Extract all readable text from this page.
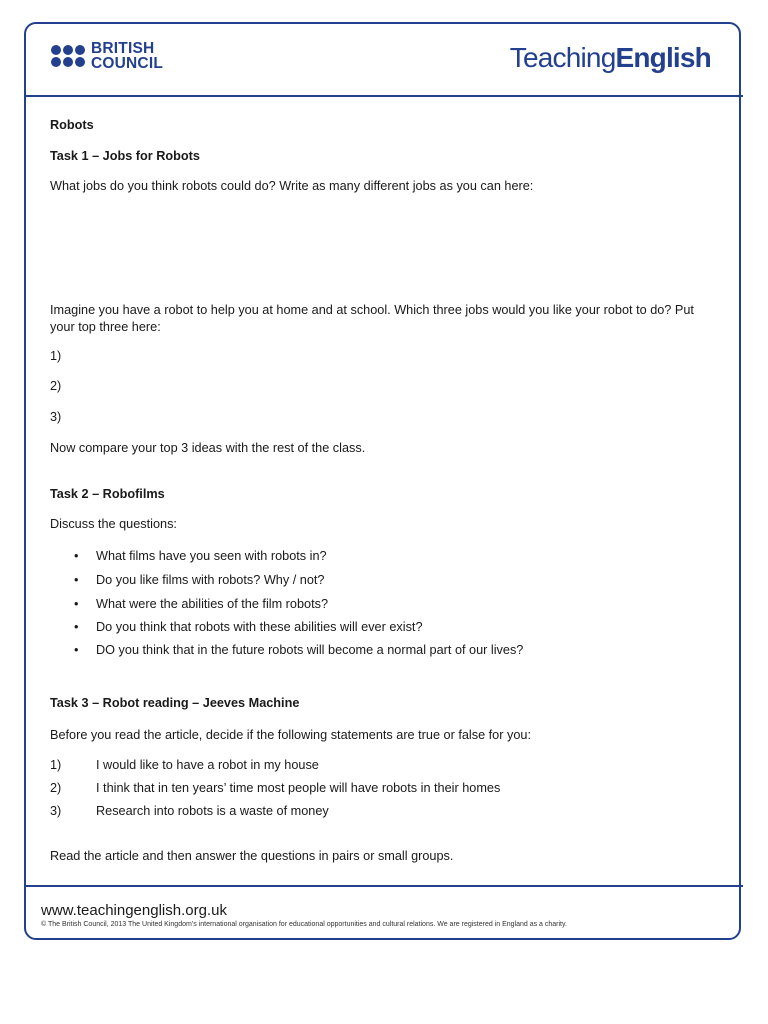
BRITISH
COUNCIL	TeachingEnglish
Robots
Task 1 – Jobs for Robots
What jobs do you think robots could do? Write as many different jobs as you can here:
Imagine you have a robot to help you at home and at school. Which three jobs would you like your robot to do? Put your top three here:
1)
2)
3)
Now compare your top 3 ideas with the rest of the class.
Task 2 – Robofilms
Discuss the questions:
• What films have you seen with robots in?
• Do you like films with robots? Why / not?
• What were the abilities of the film robots?
• Do you think that robots with these abilities will ever exist?
• DO you think that in the future robots will become a normal part of our lives?
Task 3 – Robot reading – Jeeves Machine
Before you read the article, decide if the following statements are true or false for you:
1)	I would like to have a robot in my house
2)	I think that in ten years’ time most people will have robots in their homes
3)	Research into robots is a waste of money
Read the article and then answer the questions in pairs or small groups.
www.teachingenglish.org.uk
© The British Council, 2013 The United Kingdom’s international organisation for educational opportunities and cultural relations. We are registered in England as a charity.
